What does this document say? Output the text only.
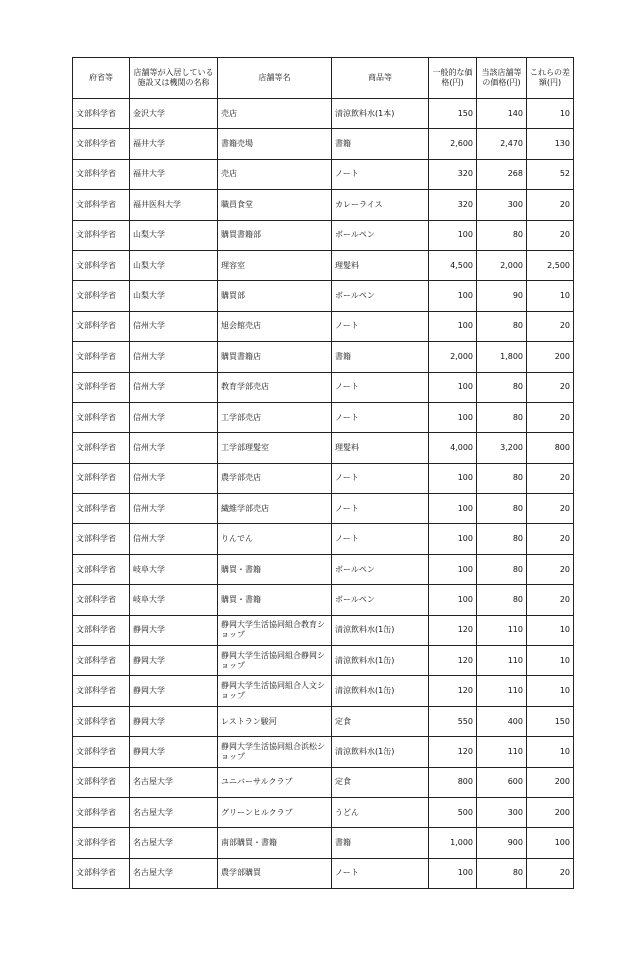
府省等	店舗等が入居している施設又は機関の名称	店舗等名	商品等	一般的な価格(円)	当該店舗等の価格(円)	これらの差額(円)
文部科学省	金沢大学	売店	清涼飲料水(1本)	150	140	10
文部科学省	福井大学	書籍売場	書籍	2,600	2,470	130
文部科学省	福井大学	売店	ノート	320	268	52
文部科学省	福井医科大学	職員食堂	カレーライス	320	300	20
文部科学省	山梨大学	購買書籍部	ボールペン	100	80	20
文部科学省	山梨大学	理容室	理髪料	4,500	2,000	2,500
文部科学省	山梨大学	購買部	ボールペン	100	90	10
文部科学省	信州大学	旭会館売店	ノート	100	80	20
文部科学省	信州大学	購買書籍店	書籍	2,000	1,800	200
文部科学省	信州大学	教育学部売店	ノート	100	80	20
文部科学省	信州大学	工学部売店	ノート	100	80	20
文部科学省	信州大学	工学部理髪室	理髪料	4,000	3,200	800
文部科学省	信州大学	農学部売店	ノート	100	80	20
文部科学省	信州大学	繊維学部売店	ノート	100	80	20
文部科学省	信州大学	りんでん	ノート	100	80	20
文部科学省	岐阜大学	購買・書籍	ボールペン	100	80	20
文部科学省	岐阜大学	購買・書籍	ボールペン	100	80	20
文部科学省	静岡大学	静岡大学生活協同組合教育ショップ	清涼飲料水(1缶)	120	110	10
文部科学省	静岡大学	静岡大学生活協同組合静岡ショップ	清涼飲料水(1缶)	120	110	10
文部科学省	静岡大学	静岡大学生活協同組合人文ショップ	清涼飲料水(1缶)	120	110	10
文部科学省	静岡大学	レストラン駿河	定食	550	400	150
文部科学省	静岡大学	静岡大学生活協同組合浜松ショップ	清涼飲料水(1缶)	120	110	10
文部科学省	名古屋大学	ユニバーサルクラブ	定食	800	600	200
文部科学省	名古屋大学	グリーンヒルクラブ	うどん	500	300	200
文部科学省	名古屋大学	南部購買・書籍	書籍	1,000	900	100
文部科学省	名古屋大学	農学部購買	ノート	100	80	20
